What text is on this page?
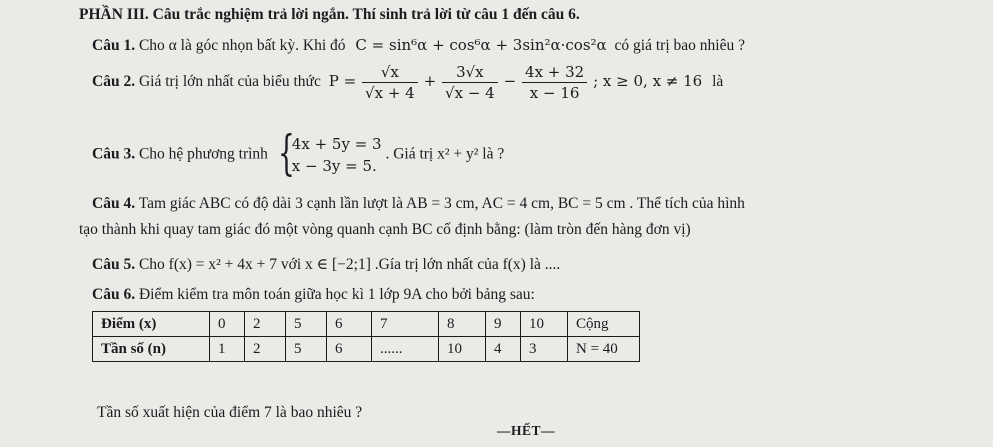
PHẦN III. Câu trắc nghiệm trả lời ngắn. Thí sinh trả lời từ câu 1 đến câu 6.
Câu 1. Cho α là góc nhọn bất kỳ. Khi đó C = sin⁶α + cos⁶α + 3sin²α·cos²α có giá trị bao nhiêu ?
Câu 2. Giá trị lớn nhất của biểu thức $P = \frac{√x}{√x + 4} + \frac{3√x}{√x - 4} - \frac{4x + 32}{x - 16}$ ; x ≥ 0, x ≠ 16 là
Câu 3. Cho hệ phương trình {
4x + 5y = 3
x − 3y = 5.
. Giá trị x² + y² là ?
Câu 4. Tam giác ABC có độ dài 3 cạnh lần lượt là AB = 3 cm, AC = 4 cm, BC = 5 cm . Thể tích của hình
tạo thành khi quay tam giác đó một vòng quanh cạnh BC cố định bằng: (làm tròn đến hàng đơn vị)
Câu 5. Cho f(x) = x² + 4x + 7 với x ∈ [−2;1] .Gía trị lớn nhất của f(x) là ....
Câu 6. Điểm kiểm tra môn toán giữa học kì 1 lớp 9A cho bởi bảng sau:
Điểm (x)	0	2	5	6	7	8	9	10	Cộng
Tần số (n)	1	2	5	6	......	10	4	3	N = 40
Tần số xuất hiện của điểm 7 là bao nhiêu ?
—HẾT—
